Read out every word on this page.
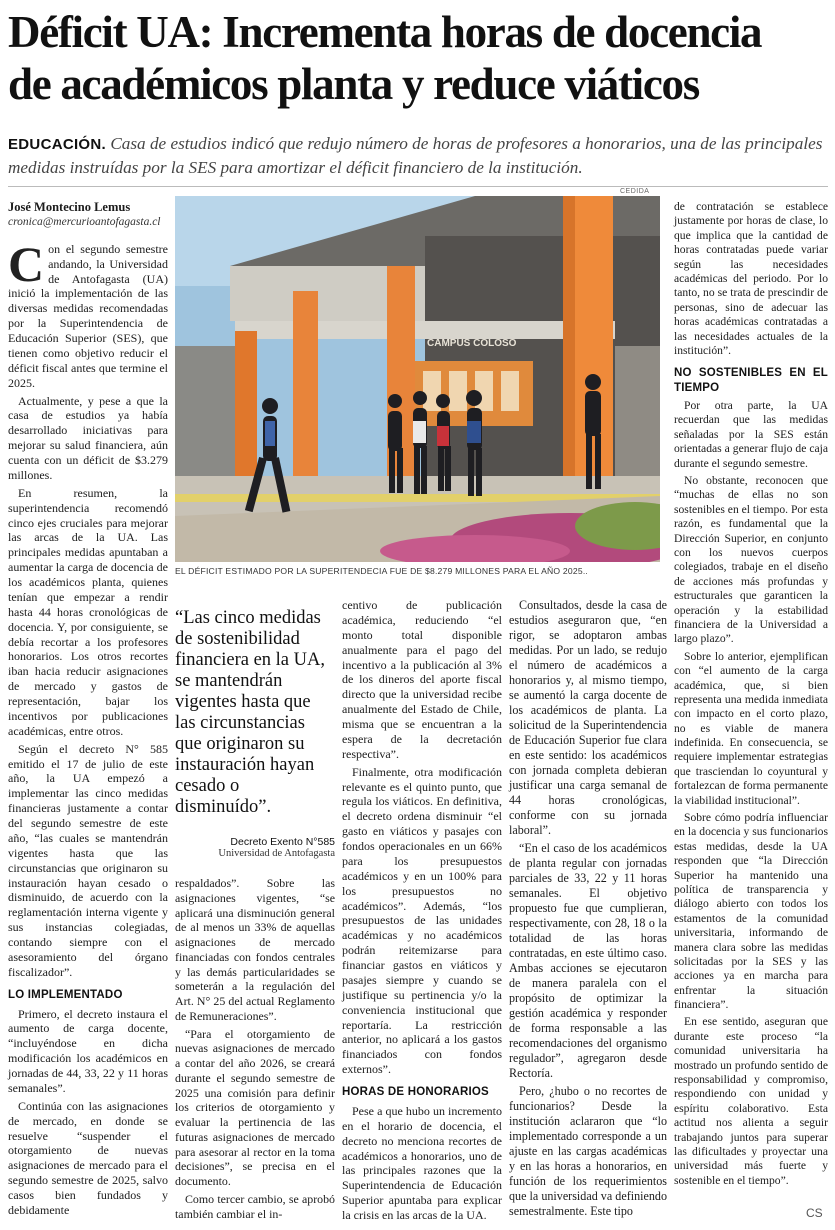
Déficit UA: Incrementa horas de docencia
de académicos planta y reduce viáticos
EDUCACIÓN. Casa de estudios indicó que redujo número de horas de profesores a honorarios, una de las principales medidas instruídas por la SES para amortizar el déficit financiero de la institución.
José Montecino Lemus
cronica@mercurioantofagasta.cl

Con el segundo semestre andando, la Universidad de Antofagasta (UA) inició la implementación de las diversas medidas recomendadas por la Superintendencia de Educación Superior (SES), que tienen como objetivo reducir el déficit fiscal antes que termine el 2025.

Actualmente, y pese a que la casa de estudios ya había desarrollado iniciativas para mejorar su salud financiera, aún cuenta con un déficit de $3.279 millones.

En resumen, la superintendencia recomendó cinco ejes cruciales para mejorar las arcas de la UA. Las principales medidas apuntaban a aumentar la carga de docencia de los académicos planta, quienes tenían que empezar a rendir hasta 44 horas cronológicas de docencia. Y, por consiguiente, se debía recortar a los profesores honorarios. Los otros recortes iban hacia reducir asignaciones de mercado y gastos de representación, bajar los incentivos por publicaciones académicas, entre otros.

Según el decreto N° 585 emitido el 17 de julio de este año, la UA empezó a implementar las cinco medidas financieras justamente a contar del segundo semestre de este año, “las cuales se mantendrán vigentes hasta que las circunstancias que originaron su instauración hayan cesado o disminuido, de acuerdo con la reglamentación interna vigente y sus instancias colegiadas, contando siempre con el asesoramiento del órgano fiscalizador”.

LO IMPLEMENTADO

Primero, el decreto instaura el aumento de carga docente, “incluyéndose en dicha modificación los académicos en jornadas de 44, 33, 22 y 11 horas semanales”.

Continúa con las asignaciones de mercado, en donde se resuelve “suspender el otorgamiento de nuevas asignaciones de mercado para el segundo semestre de 2025, salvo casos bien fundados y debidamente

CEDIDA
CAMPUS COLOSO
EL DÉFICIT ESTIMADO POR LA SUPERITENDECIA FUE DE $8.279 MILLONES PARA EL AÑO 2025..

“Las cinco medidas de sostenibilidad financiera en la UA, se mantendrán vigentes hasta que las circunstancias que originaron su instauración hayan cesado o disminuído”.

Decreto Exento N°585
Universidad de Antofagasta

respaldados”. Sobre las asignaciones vigentes, “se aplicará una disminución general de al menos un 33% de aquellas asignaciones de mercado financiadas con fondos centrales y las demás particularidades se someterán a la regulación del Art. N° 25 del actual Reglamento de Remuneraciones”.

“Para el otorgamiento de nuevas asignaciones de mercado a contar del año 2026, se creará durante el segundo semestre de 2025 una comisión para definir los criterios de otorgamiento y evaluar la pertinencia de las futuras asignaciones de mercado para asesorar al rector en la toma decisiones”, se precisa en el documento.

Como tercer cambio, se aprobó también cambiar el in-

centivo de publicación académica, reduciendo “el monto total disponible anualmente para el pago del incentivo a la publicación al 3% de los dineros del aporte fiscal directo que la universidad recibe anualmente del Estado de Chile, misma que se encuentran a la espera de la decretación respectiva”.

Finalmente, otra modificación relevante es el quinto punto, que regula los viáticos. En definitiva, el decreto ordena disminuir “el gasto en viáticos y pasajes con fondos operacionales en un 66% para los presupuestos académicos y en un 100% para los presupuestos no académicos”. Además, “los presupuestos de las unidades académicas y no académicos podrán reitemizarse para financiar gastos en viáticos y pasajes siempre y cuando se justifique su pertinencia y/o la conveniencia institucional que reportaría. La restricción anterior, no aplicará a los gastos financiados con fondos externos”.

HORAS DE HONORARIOS

Pese a que hubo un incremento en el horario de docencia, el decreto no menciona recortes de académicos a honorarios, uno de las principales razones que la Superintendencia de Educación Superior apuntaba para explicar la crisis en las arcas de la UA.

Consultados, desde la casa de estudios aseguraron que, “en rigor, se adoptaron ambas medidas. Por un lado, se redujo el número de académicos a honorarios y, al mismo tiempo, se aumentó la carga docente de los académicos de planta. La solicitud de la Superintendencia de Educación Superior fue clara en este sentido: los académicos con jornada completa debieran justificar una carga semanal de 44 horas cronológicas, conforme con su jornada laboral”.

“En el caso de los académicos de planta regular con jornadas parciales de 33, 22 y 11 horas semanales. El objetivo propuesto fue que cumplieran, respectivamente, con 28, 18 o la totalidad de las horas contratadas, en este último caso. Ambas acciones se ejecutaron de manera paralela con el propósito de optimizar la gestión académica y responder de forma responsable a las recomendaciones del organismo regulador”, agregaron desde Rectoría.

Pero, ¿hubo o no recortes de funcionarios? Desde la institución aclararon que “lo implementado corresponde a un ajuste en las cargas académicas y en las horas a honorarios, en función de los requerimientos que la universidad va definiendo semestralmente. Este tipo

de contratación se establece justamente por horas de clase, lo que implica que la cantidad de horas contratadas puede variar según las necesidades académicas del periodo. Por lo tanto, no se trata de prescindir de personas, sino de adecuar las horas académicas contratadas a las necesidades actuales de la institución”.

NO SOSTENIBLES EN EL TIEMPO

Por otra parte, la UA recuerdan que las medidas señaladas por la SES están orientadas a generar flujo de caja durante el segundo semestre.

No obstante, reconocen que “muchas de ellas no son sostenibles en el tiempo. Por esta razón, es fundamental que la Dirección Superior, en conjunto con los nuevos cuerpos colegiados, trabaje en el diseño de acciones más profundas y estructurales que garanticen la operación y la estabilidad financiera de la Universidad a largo plazo”.

Sobre lo anterior, ejemplifican con “el aumento de la carga académica, que, si bien representa una medida inmediata con impacto en el corto plazo, no es viable de manera indefinida. En consecuencia, se requiere implementar estrategias que trasciendan lo coyuntural y fortalezcan de forma permanente la viabilidad institucional”.

Sobre cómo podría influenciar en la docencia y sus funcionarios estas medidas, desde la UA responden que “la Dirección Superior ha mantenido una política de transparencia y diálogo abierto con todos los estamentos de la comunidad universitaria, informando de manera clara sobre las medidas solicitadas por la SES y las acciones ya en marcha para enfrentar la situación financiera”.

En ese sentido, aseguran que durante este proceso “la comunidad universitaria ha mostrado un profundo sentido de responsabilidad y compromiso, respondiendo con unidad y espíritu colaborativo. Esta actitud nos alienta a seguir trabajando juntos para superar las dificultades y proyectar una universidad más fuerte y sostenible en el tiempo”.

CS
